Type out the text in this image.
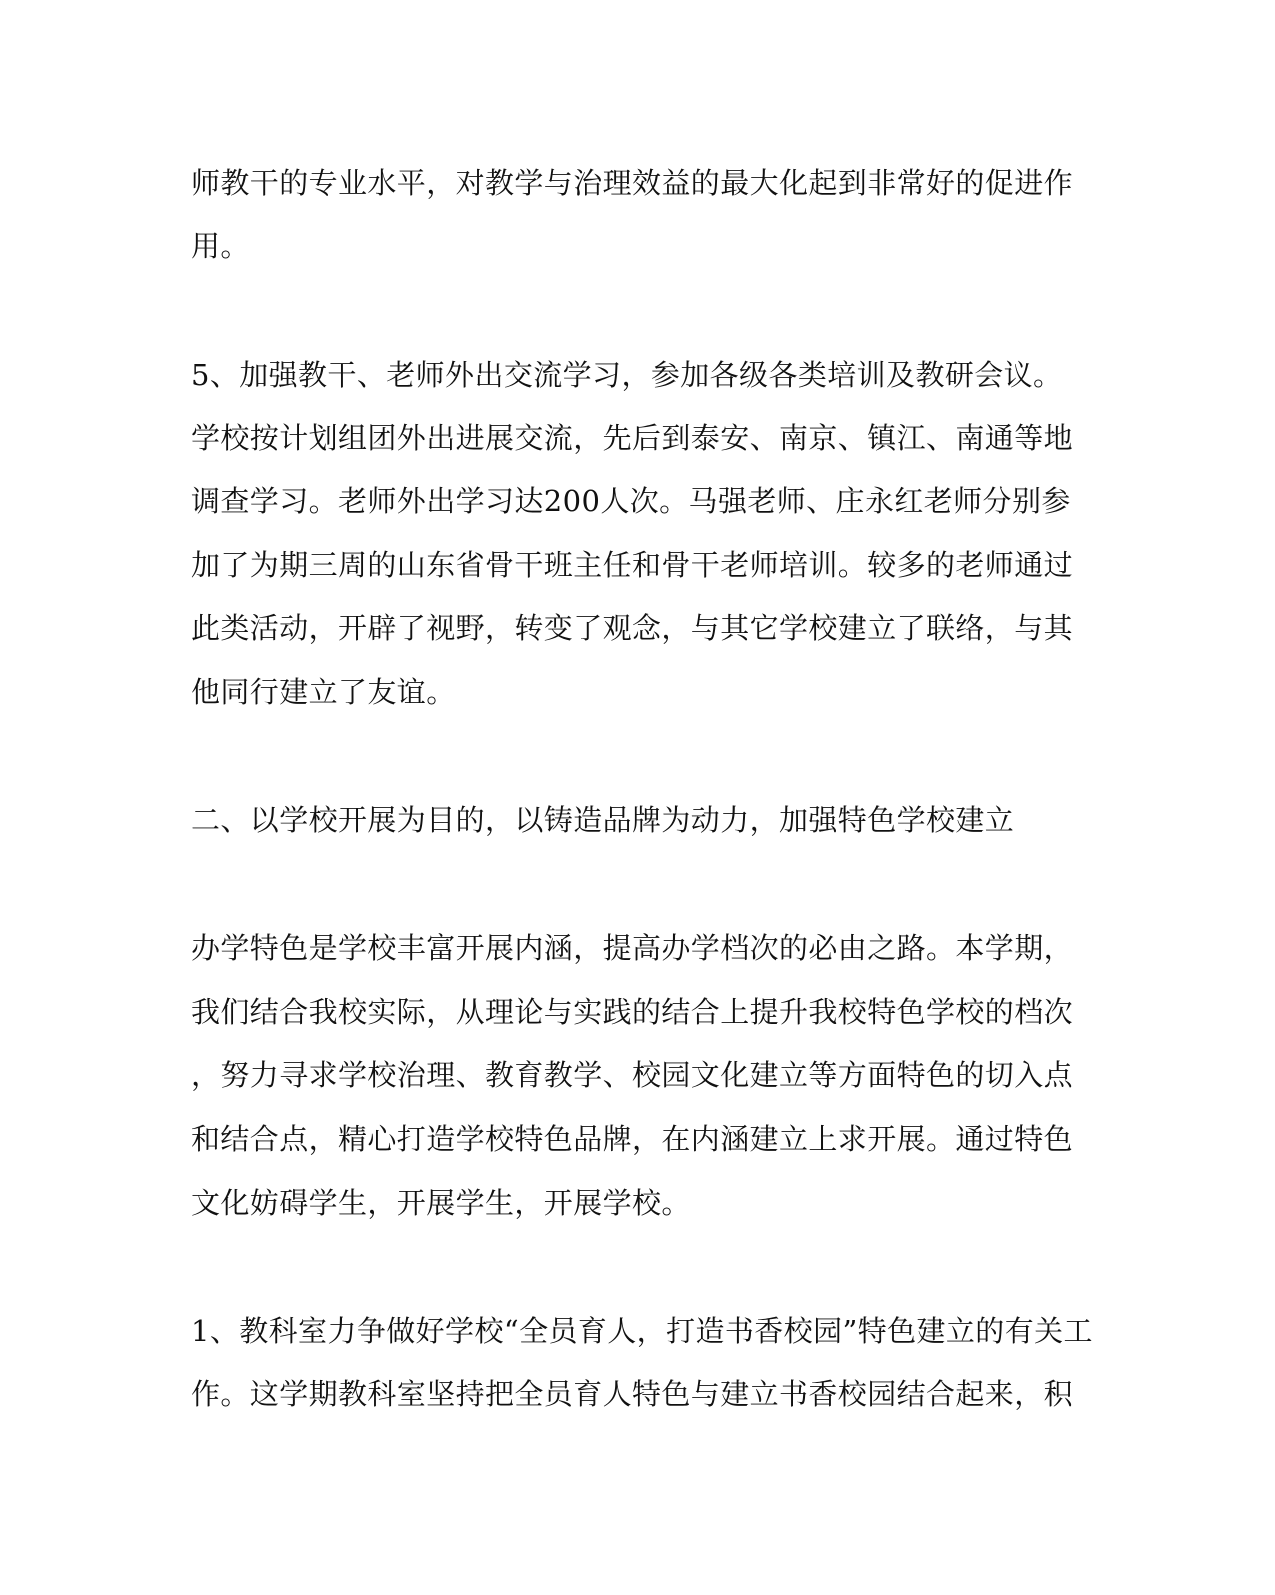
师教干的专业水平，对教学与治理效益的最大化起到非常好的促进作
用。
5、加强教干、老师外出交流学习，参加各级各类培训及教研会议。
学校按计划组团外出进展交流，先后到泰安、南京、镇江、南通等地
调查学习。老师外出学习达200人次。马强老师、庄永红老师分别参
加了为期三周的山东省骨干班主任和骨干老师培训。较多的老师通过
此类活动，开辟了视野，转变了观念，与其它学校建立了联络，与其
他同行建立了友谊。
二、以学校开展为目的，以铸造品牌为动力，加强特色学校建立
办学特色是学校丰富开展内涵，提高办学档次的必由之路。本学期，
我们结合我校实际，从理论与实践的结合上提升我校特色学校的档次
，努力寻求学校治理、教育教学、校园文化建立等方面特色的切入点
和结合点，精心打造学校特色品牌，在内涵建立上求开展。通过特色
文化妨碍学生，开展学生，开展学校。
1、教科室力争做好学校“全员育人，打造书香校园”特色建立的有关工
作。这学期教科室坚持把全员育人特色与建立书香校园结合起来，积
